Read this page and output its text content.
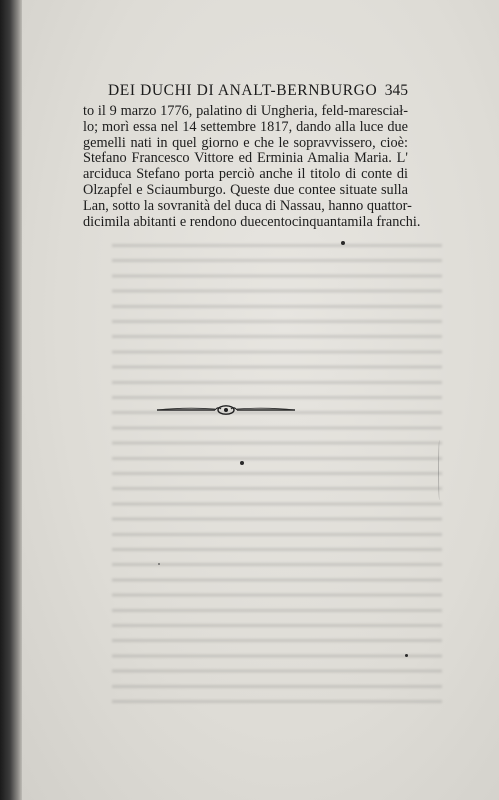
DEI DUCHI DI ANALT-BERNBURGO 345
to il 9 marzo 1776, palatino di Ungheria, feld-maresciał-
lo; morì essa nel 14 settembre 1817, dando alla luce due
gemelli nati in quel giorno e che le sopravvissero, cioè:
Stefano Francesco Vittore ed Erminia Amalia Maria. L'
arciduca Stefano porta perciò anche il titolo di conte di
Olzapfel e Sciaumburgo. Queste due contee situate sulla
Lan, sotto la sovranità del duca di Nassau, hanno quattor-
dicimila abitanti e rendono duecentocinquantamila franchi.
